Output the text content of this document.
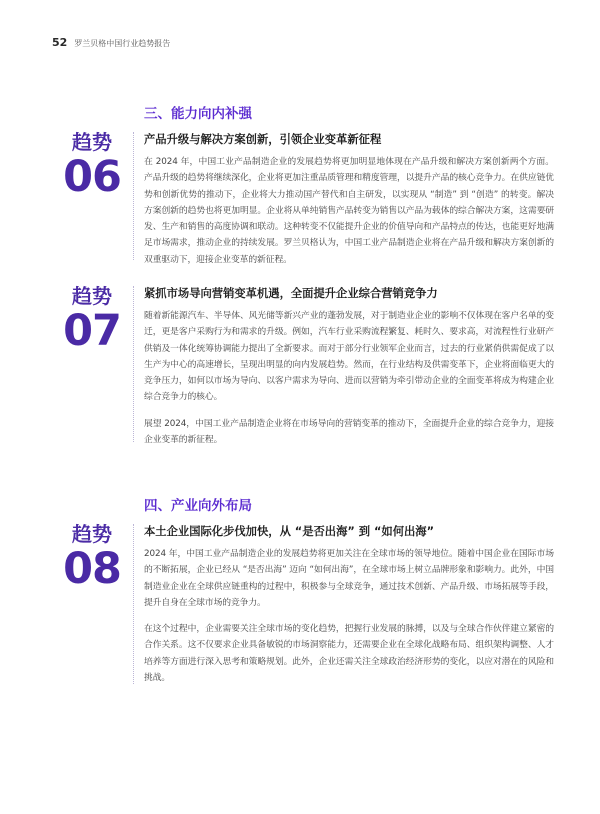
52 罗兰贝格中国行业趋势报告
三、能力向内补强
趋势
06
产品升级与解决方案创新，引领企业变革新征程

在 2024 年，中国工业产品制造企业的发展趋势将更加明显地体现在产品升级和解决方案创新两个方面。产品升级的趋势将继续深化，企业将更加注重品质管理和精度管理，以提升产品的核心竞争力。在供应链优势和创新优势的推动下，企业将大力推动国产替代和自主研发，以实现从 “制造” 到 “创造” 的转变。解决方案创新的趋势也将更加明显。企业将从单纯销售产品转变为销售以产品为载体的综合解决方案，这需要研发、生产和销售的高度协调和联动。这种转变不仅能提升企业的价值导向和产品特点的传达，也能更好地满足市场需求，推动企业的持续发展。罗兰贝格认为，中国工业产品制造企业将在产品升级和解决方案创新的双重驱动下，迎接企业变革的新征程。

趋势
07
紧抓市场导向营销变革机遇，全面提升企业综合营销竞争力

随着新能源汽车、半导体、风光储等新兴产业的蓬勃发展，对于制造业企业的影响不仅体现在客户名单的变迁，更是客户采购行为和需求的升级。例如，汽车行业采购流程繁复、耗时久、要求高，对流程性行业研产供销及一体化统筹协调能力提出了全新要求。而对于部分行业领军企业而言，过去的行业紧俏供需促成了以生产为中心的高速增长，呈现出明显的向内发展趋势。然而，在行业结构及供需变革下，企业将面临更大的竞争压力，如何以市场为导向、以客户需求为导向、进而以营销为牵引带动企业的全面变革将成为构建企业综合竞争力的核心。

展望 2024，中国工业产品制造企业将在市场导向的营销变革的推动下，全面提升企业的综合竞争力，迎接企业变革的新征程。

四、产业向外布局
趋势
08
本土企业国际化步伐加快，从 “是否出海” 到 “如何出海”

2024 年，中国工业产品制造企业的发展趋势将更加关注在全球市场的领导地位。随着中国企业在国际市场的不断拓展，企业已经从 “是否出海” 迈向 “如何出海”，在全球市场上树立品牌形象和影响力。此外，中国制造业企业在全球供应链重构的过程中，积极参与全球竞争，通过技术创新、产品升级、市场拓展等手段，提升自身在全球市场的竞争力。

在这个过程中，企业需要关注全球市场的变化趋势，把握行业发展的脉搏，以及与全球合作伙伴建立紧密的合作关系。这不仅要求企业具备敏锐的市场洞察能力，还需要企业在全球化战略布局、组织架构调整、人才培养等方面进行深入思考和策略规划。此外，企业还需关注全球政治经济形势的变化，以应对潜在的风险和挑战。
